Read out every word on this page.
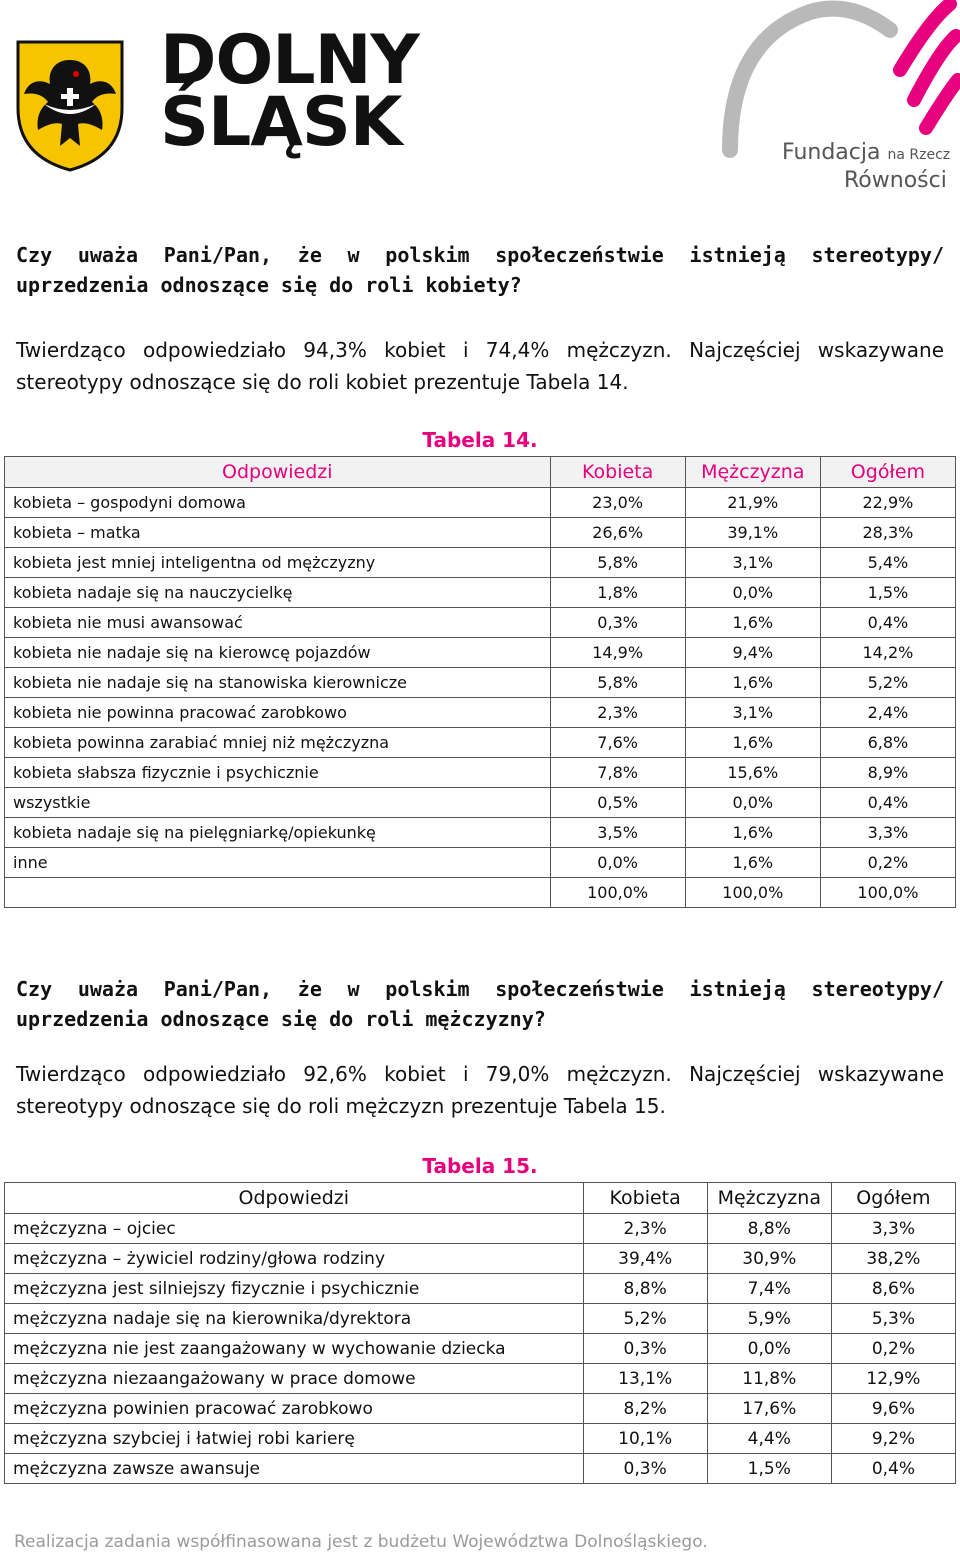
DOLNY
ŚLĄSK	Fundacja na Rzecz
Równości
Czy uważa Pani/Pan, że w polskim społeczeństwie istnieją stereotypy/ uprzedzenia odnoszące się do roli kobiety?
Twierdząco odpowiedziało 94,3% kobiet i 74,4% mężczyzn. Najczęściej wskazywane stereotypy odnoszące się do roli kobiet prezentuje Tabela 14.
Tabela 14.
Odpowiedzi	Kobieta	Mężczyzna	Ogółem
kobieta – gospodyni domowa	23,0%	21,9%	22,9%
kobieta – matka	26,6%	39,1%	28,3%
kobieta jest mniej inteligentna od mężczyzny	5,8%	3,1%	5,4%
kobieta nadaje się na nauczycielkę	1,8%	0,0%	1,5%
kobieta nie musi awansować	0,3%	1,6%	0,4%
kobieta nie nadaje się na kierowcę pojazdów	14,9%	9,4%	14,2%
kobieta nie nadaje się na stanowiska kierownicze	5,8%	1,6%	5,2%
kobieta nie powinna pracować zarobkowo	2,3%	3,1%	2,4%
kobieta powinna zarabiać mniej niż mężczyzna	7,6%	1,6%	6,8%
kobieta słabsza fizycznie i psychicznie	7,8%	15,6%	8,9%
wszystkie	0,5%	0,0%	0,4%
kobieta nadaje się na pielęgniarkę/opiekunkę	3,5%	1,6%	3,3%
inne	0,0%	1,6%	0,2%
	100,0%	100,0%	100,0%
Czy uważa Pani/Pan, że w polskim społeczeństwie istnieją stereotypy/ uprzedzenia odnoszące się do roli mężczyzny?
Twierdząco odpowiedziało 92,6% kobiet i 79,0% mężczyzn. Najczęściej wskazywane stereotypy odnoszące się do roli mężczyzn prezentuje Tabela 15.
Tabela 15.
Odpowiedzi	Kobieta	Mężczyzna	Ogółem
mężczyzna – ojciec	2,3%	8,8%	3,3%
mężczyzna – żywiciel rodziny/głowa rodziny	39,4%	30,9%	38,2%
mężczyzna jest silniejszy fizycznie i psychicznie	8,8%	7,4%	8,6%
mężczyzna nadaje się na kierownika/dyrektora	5,2%	5,9%	5,3%
mężczyzna nie jest zaangażowany w wychowanie dziecka	0,3%	0,0%	0,2%
mężczyzna niezaangażowany w prace domowe	13,1%	11,8%	12,9%
mężczyzna powinien pracować zarobkowo	8,2%	17,6%	9,6%
mężczyzna szybciej i łatwiej robi karierę	10,1%	4,4%	9,2%
mężczyzna zawsze awansuje	0,3%	1,5%	0,4%
Realizacja zadania współfinasowana jest z budżetu Województwa Dolnośląskiego.
